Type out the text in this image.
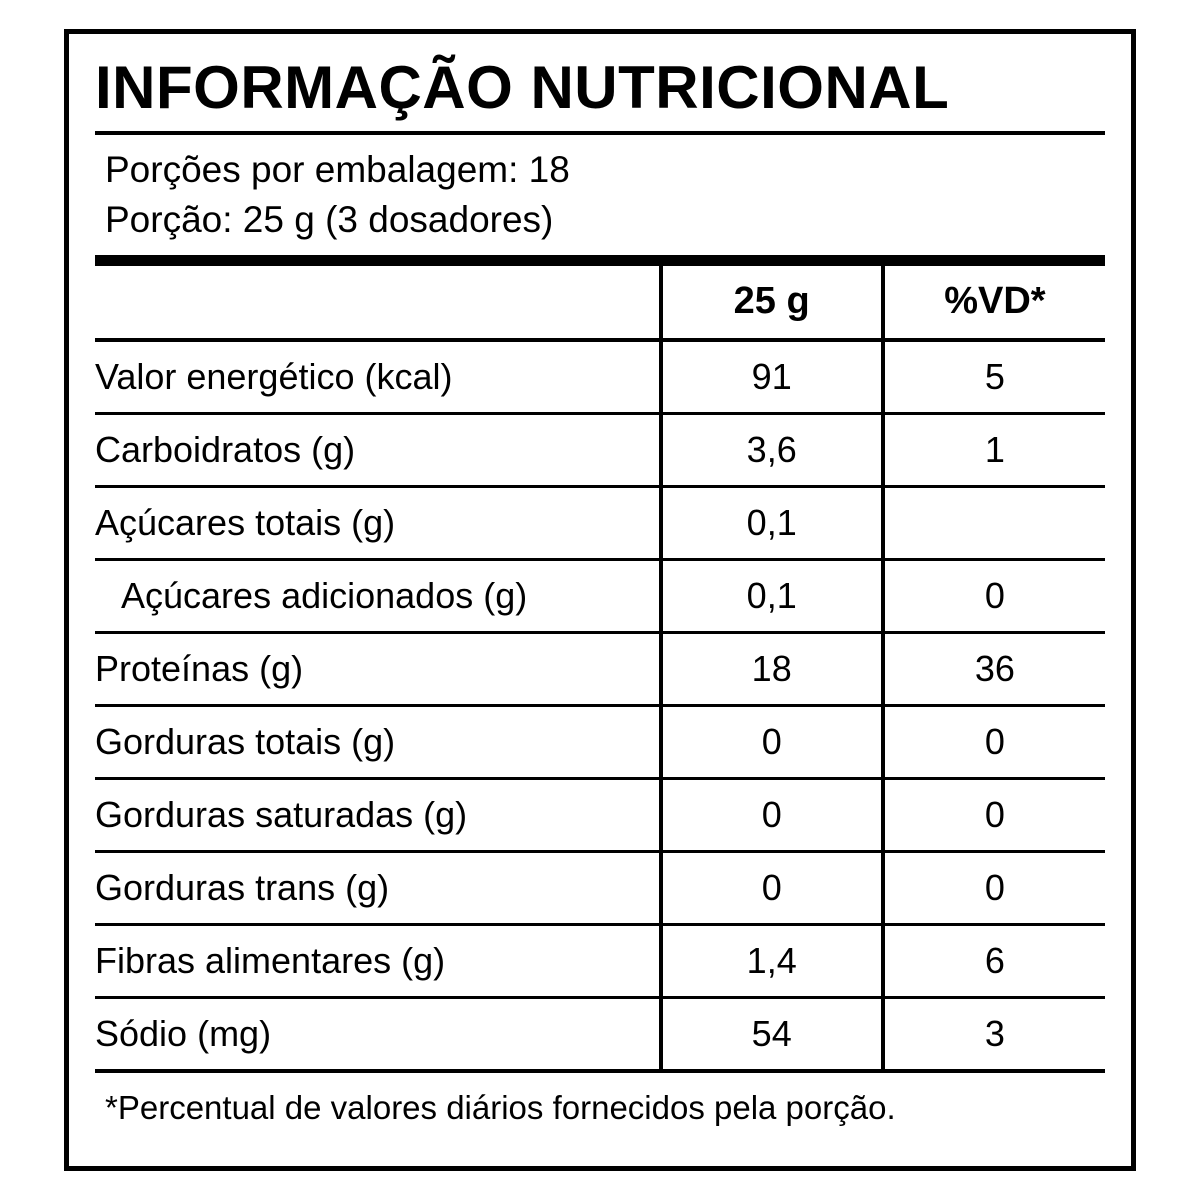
INFORMAÇÃO NUTRICIONAL
Porções por embalagem: 18
Porção: 25 g (3 dosadores)
	25 g	%VD*
Valor energético (kcal)	91	5
Carboidratos (g)	3,6	1
Açúcares totais (g)	0,1	
Açúcares adicionados (g)	0,1	0
Proteínas (g)	18	36
Gorduras totais (g)	0	0
Gorduras saturadas (g)	0	0
Gorduras trans (g)	0	0
Fibras alimentares (g)	1,4	6
Sódio (mg)	54	3
*Percentual de valores diários fornecidos pela porção.
